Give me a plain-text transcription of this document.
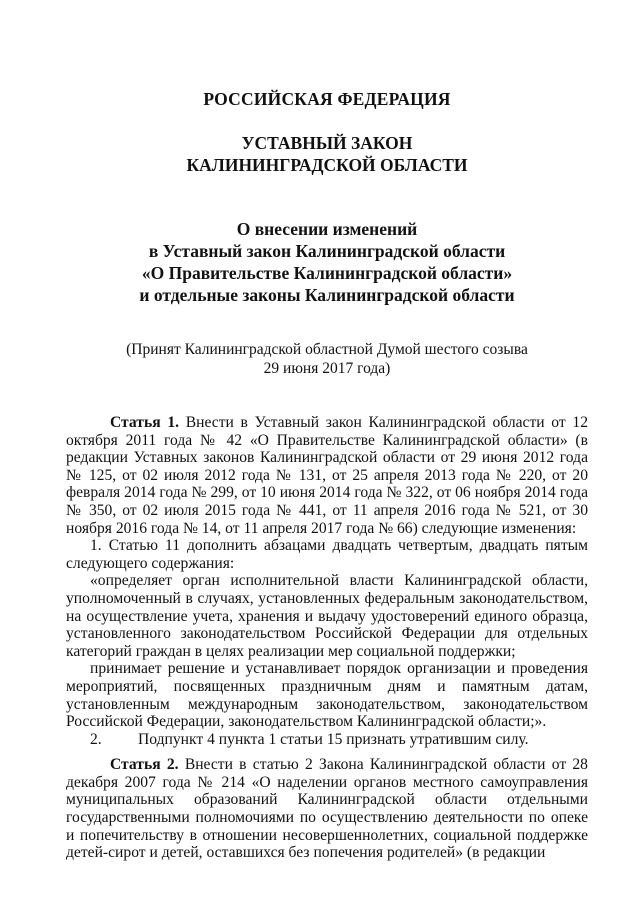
РОССИЙСКАЯ ФЕДЕРАЦИЯ
УСТАВНЫЙ ЗАКОН
КАЛИНИНГРАДСКОЙ ОБЛАСТИ
О внесении изменений
в Уставный закон Калининградской области
«О Правительстве Калининградской области»
и отдельные законы Калининградской области
(Принят Калининградской областной Думой шестого созыва
29 июня 2017 года)

Статья 1. Внести в Уставный закон Калининградской области от 12 октября 2011 года № 42 «О Правительстве Калининградской области» (в редакции Уставных законов Калининградской области от 29 июня 2012 года № 125, от 02 июля 2012 года № 131, от 25 апреля 2013 года № 220, от 20 февраля 2014 года № 299, от 10 июня 2014 года № 322, от 06 ноября 2014 года № 350, от 02 июля 2015 года № 441, от 11 апреля 2016 года № 521, от 30 ноября 2016 года № 14, от 11 апреля 2017 года № 66) следующие изменения:

1. Статью 11 дополнить абзацами двадцать четвертым, двадцать пятым следующего содержания:

«определяет орган исполнительной власти Калининградской области, уполномоченный в случаях, установленных федеральным законодательством, на осуществление учета, хранения и выдачу удостоверений единого образца, установленного законодательством Российской Федерации для отдельных категорий граждан в целях реализации мер социальной поддержки;

принимает решение и устанавливает порядок организации и проведения мероприятий, посвященных праздничным дням и памятным датам, установленным международным законодательством, законодательством Российской Федерации, законодательством Калининградской области;».

2. Подпункт 4 пункта 1 статьи 15 признать утратившим силу.

Статья 2. Внести в статью 2 Закона Калининградской области от 28 декабря 2007 года № 214 «О наделении органов местного самоуправления муниципальных образований Калининградской области отдельными государственными полномочиями по осуществлению деятельности по опеке и попечительству в отношении несовершеннолетних, социальной поддержке детей-сирот и детей, оставшихся без попечения родителей» (в редакции
